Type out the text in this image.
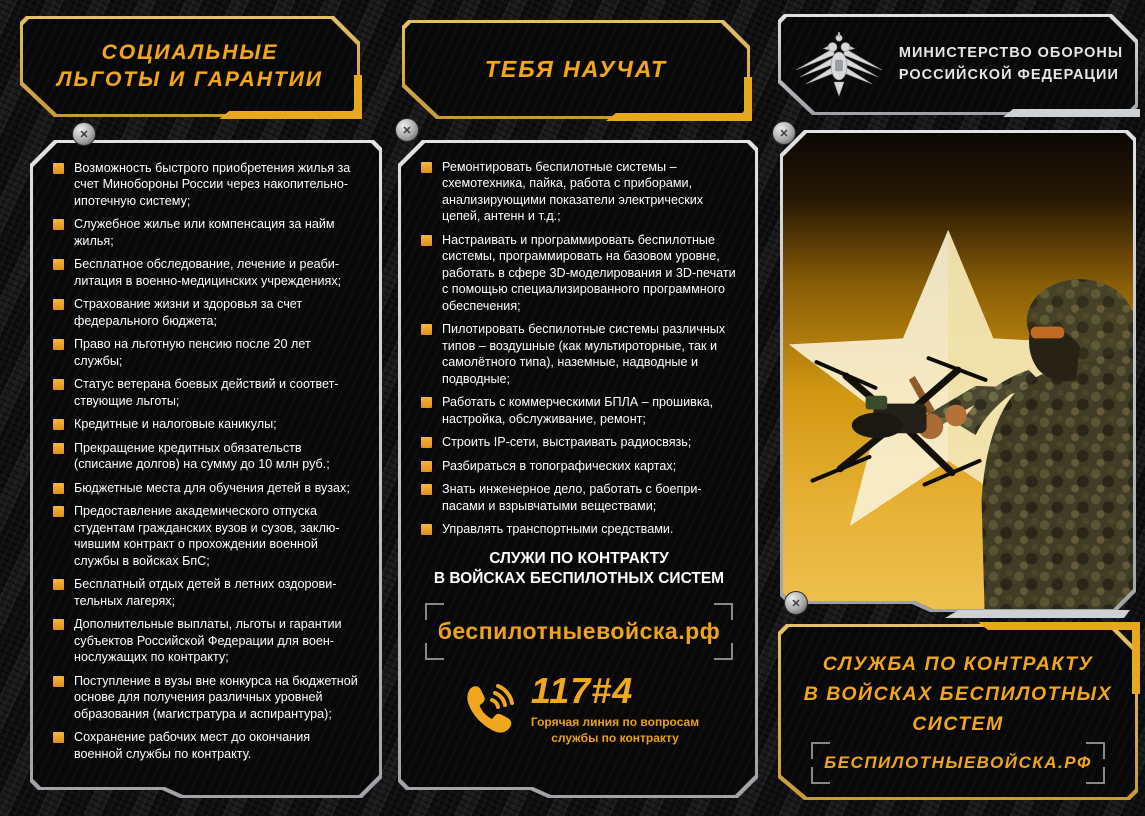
СОЦИАЛЬНЫЕ
ЛЬГОТЫ И ГАРАНТИИ
Возможность быстрого приобретения жилья за счет Минобороны России через накопительно-ипотечную систему;
Служебное жилье или компенсация за найм жилья;
Бесплатное обследование, лечение и реабилитация в военно-медицинских учреждениях;
Страхование жизни и здоровья за счет федерального бюджета;
Право на льготную пенсию после 20 лет службы;
Статус ветерана боевых действий и соответствующие льготы;
Кредитные и налоговые каникулы;
Прекращение кредитных обязательств (списание долгов) на сумму до 10 млн руб.;
Бюджетные места для обучения детей в вузах;
Предоставление академического отпуска студентам гражданских вузов и сузов, заключившим контракт о прохождении военной службы в войсках БпС;
Бесплатный отдых детей в летних оздоровительных лагерях;
Дополнительные выплаты, льготы и гарантии субъектов Российской Федерации для военнослужащих по контракту;
Поступление в вузы вне конкурса на бюджетной основе для получения различных уровней образования (магистратура и аспирантура);
Сохранение рабочих мест до окончания военной службы по контракту.
ТЕБЯ НАУЧАТ
Ремонтировать беспилотные системы – схемотехника, пайка, работа с приборами, анализирующими показатели электрических цепей, антенн и т.д.;
Настраивать и программировать беспилотные системы, программировать на базовом уровне, работать в сфере 3D-моделирования и 3D-печати с помощью специализированного программного обеспечения;
Пилотировать беспилотные системы различных типов – воздушные (как мультироторные, так и самолётного типа), наземные, надводные и подводные;
Работать с коммерческими БПЛА – прошивка, настройка, обслуживание, ремонт;
Строить IP-сети, выстраивать радиосвязь;
Разбираться в топографических картах;
Знать инженерное дело, работать с боеприпасами и взрывчатыми веществами;
Управлять транспортными средствами.
СЛУЖИ ПО КОНТРАКТУ
В ВОЙСКАХ БЕСПИЛОТНЫХ СИСТЕМ
беспилотныевойска.рф
117#4
Горячая линия по вопросам
службы по контракту
МИНИСТЕРСТВО ОБОРОНЫ
РОССИЙСКОЙ ФЕДЕРАЦИИ
СЛУЖБА ПО КОНТРАКТУ
В ВОЙСКАХ БЕСПИЛОТНЫХ
СИСТЕМ
БЕСПИЛОТНЫЕВОЙСКА.РФ
✕	✕	✕
✕
